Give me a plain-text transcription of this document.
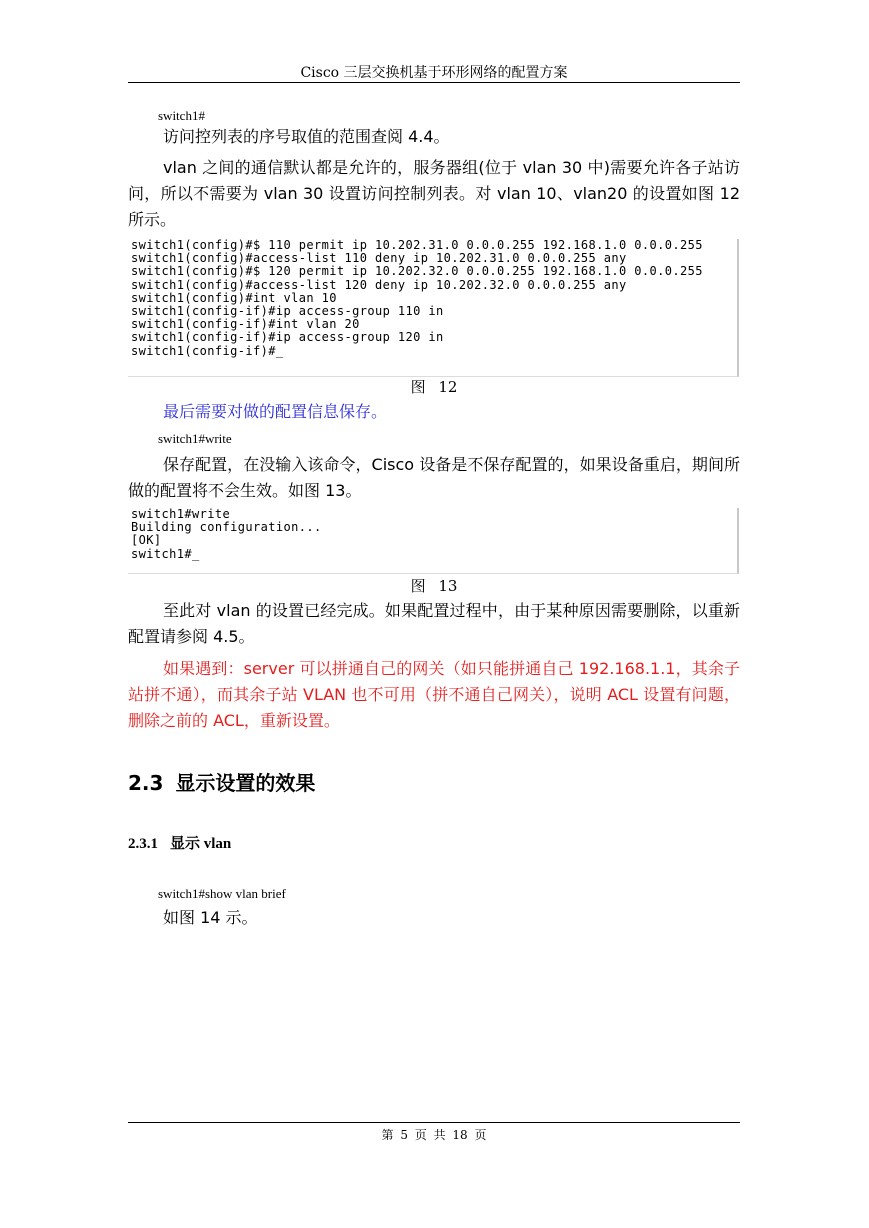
Cisco 三层交换机基于环形网络的配置方案
switch1#

访问控列表的序号取值的范围查阅 4.4。

vlan 之间的通信默认都是允许的，服务器组(位于 vlan 30 中)需要允许各子站访问，所以不需要为 vlan 30 设置访问控制列表。对 vlan 10、vlan20 的设置如图 12 所示。

switch1(config)#$ 110 permit ip 10.202.31.0 0.0.0.255 192.168.1.0 0.0.0.255
switch1(config)#access-list 110 deny ip 10.202.31.0 0.0.0.255 any
switch1(config)#$ 120 permit ip 10.202.32.0 0.0.0.255 192.168.1.0 0.0.0.255
switch1(config)#access-list 120 deny ip 10.202.32.0 0.0.0.255 any
switch1(config)#int vlan 10
switch1(config-if)#ip access-group 110 in
switch1(config-if)#int vlan 20
switch1(config-if)#ip access-group 120 in
switch1(config-if)#_
图 12

最后需要对做的配置信息保存。

switch1#write

保存配置，在没输入该命令，Cisco 设备是不保存配置的，如果设备重启，期间所做的配置将不会生效。如图 13。

switch1#write
Building configuration...
[OK]
switch1#_
图 13

至此对 vlan 的设置已经完成。如果配置过程中，由于某种原因需要删除，以重新配置请参阅 4.5。

如果遇到：server 可以拼通自己的网关（如只能拼通自己 192.168.1.1，其余子站拼不通），而其余子站 VLAN 也不可用（拼不通自己网关），说明 ACL 设置有问题，删除之前的 ACL，重新设置。

2.3 显示设置的效果
2.3.1 显示 vlan
switch1#show vlan brief

如图 14 示。

第 5 页 共 18 页
